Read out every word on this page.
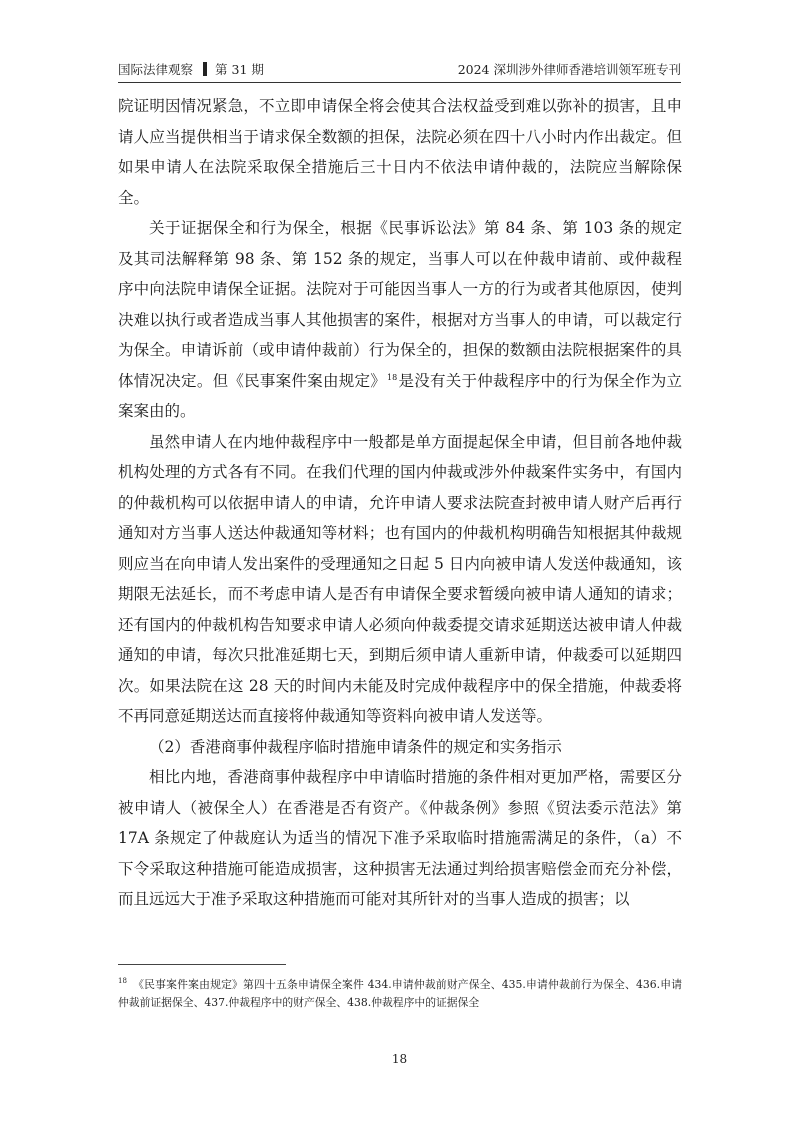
国际法律观察 第 31 期	2024 深圳涉外律师香港培训领军班专刊

院证明因情况紧急，不立即申请保全将会使其合法权益受到难以弥补的损害，且申请人应当提供相当于请求保全数额的担保，法院必须在四十八小时内作出裁定。但如果申请人在法院采取保全措施后三十日内不依法申请仲裁的，法院应当解除保全。

关于证据保全和行为保全，根据《民事诉讼法》第 84 条、第 103 条的规定及其司法解释第 98 条、第 152 条的规定，当事人可以在仲裁申请前、或仲裁程序中向法院申请保全证据。法院对于可能因当事人一方的行为或者其他原因，使判决难以执行或者造成当事人其他损害的案件，根据对方当事人的申请，可以裁定行为保全。申请诉前（或申请仲裁前）行为保全的，担保的数额由法院根据案件的具体情况决定。但《民事案件案由规定》$^{18}$是没有关于仲裁程序中的行为保全作为立案案由的。

虽然申请人在内地仲裁程序中一般都是单方面提起保全申请，但目前各地仲裁机构处理的方式各有不同。在我们代理的国内仲裁或涉外仲裁案件实务中，有国内的仲裁机构可以依据申请人的申请，允许申请人要求法院查封被申请人财产后再行通知对方当事人送达仲裁通知等材料；也有国内的仲裁机构明确告知根据其仲裁规则应当在向申请人发出案件的受理通知之日起 5 日内向被申请人发送仲裁通知，该期限无法延长，而不考虑申请人是否有申请保全要求暂缓向被申请人通知的请求；还有国内的仲裁机构告知要求申请人必须向仲裁委提交请求延期送达被申请人仲裁通知的申请，每次只批准延期七天，到期后须申请人重新申请，仲裁委可以延期四次。如果法院在这 28 天的时间内未能及时完成仲裁程序中的保全措施，仲裁委将不再同意延期送达而直接将仲裁通知等资料向被申请人发送等。

（2）香港商事仲裁程序临时措施申请条件的规定和实务指示

相比内地，香港商事仲裁程序中申请临时措施的条件相对更加严格，需要区分被申请人（被保全人）在香港是否有资产。《仲裁条例》参照《贸法委示范法》第 17A 条规定了仲裁庭认为适当的情况下准予采取临时措施需满足的条件，（a）不下令采取这种措施可能造成损害，这种损害无法通过判给损害赔偿金而充分补偿，而且远远大于准予采取这种措施而可能对其所针对的当事人造成的损害；以

$^{18}$ 《民事案件案由规定》第四十五条申请保全案件 434.申请仲裁前财产保全、435.申请仲裁前行为保全、436.申请仲裁前证据保全、437.仲裁程序中的财产保全、438.仲裁程序中的证据保全
18
